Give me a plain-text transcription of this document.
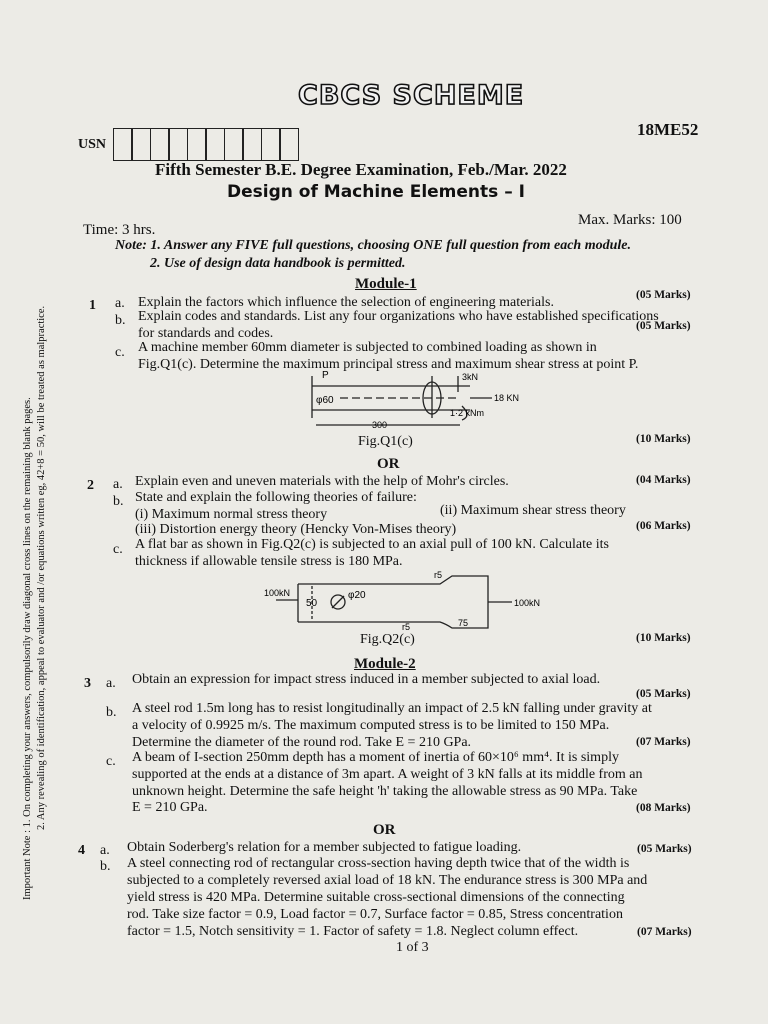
Important Note : 1. On completing your answers, compulsorily draw diagonal cross lines on the remaining blank pages. 2. Any revealing of identification, appeal to evaluator and /or equations written eg, 42+8 = 50, will be treated as malpractice.
CBCS SCHEME
USN
18ME52
Fifth Semester B.E. Degree Examination, Feb./Mar. 2022
Design of Machine Elements – I
Time: 3 hrs.
Max. Marks: 100
Note: 1. Answer any FIVE full questions, choosing ONE full question from each module.
2. Use of design data handbook is permitted.
Module-1
1 a. Explain the factors which influence the selection of engineering materials.	(05 Marks)
b. Explain codes and standards. List any four organizations who have established specifications
for standards and codes.	(05 Marks)
c. A machine member 60mm diameter is subjected to combined loading as shown in
Fig.Q1(c). Determine the maximum principal stress and maximum shear stress at point P.
P
φ60
3kN
18 KN
1·2 kNm
300
Fig.Q1(c)	(10 Marks)
OR
2 a. Explain even and uneven materials with the help of Mohr's circles.	(04 Marks)
b. State and explain the following theories of failure:
(i) Maximum normal stress theory	(ii) Maximum shear stress theory
(iii) Distortion energy theory (Hencky Von-Mises theory)	(06 Marks)
c. A flat bar as shown in Fig.Q2(c) is subjected to an axial pull of 100 kN. Calculate its
thickness if allowable tensile stress is 180 MPa.
100kN
100kN
50
φ20
r5
r5	75
Fig.Q2(c)	(10 Marks)
Module-2
3 a. Obtain an expression for impact stress induced in a member subjected to axial load.
(05 Marks)
b. A steel rod 1.5m long has to resist longitudinally an impact of 2.5 kN falling under gravity at
a velocity of 0.9925 m/s. The maximum computed stress is to be limited to 150 MPa.
Determine the diameter of the round rod. Take E = 210 GPa.	(07 Marks)
c. A beam of I-section 250mm depth has a moment of inertia of 60×10⁶ mm⁴. It is simply
supported at the ends at a distance of 3m apart. A weight of 3 kN falls at its middle from an
unknown height. Determine the safe height 'h' taking the allowable stress as 90 MPa. Take
E = 210 GPa.	(08 Marks)
OR
4 a. Obtain Soderberg's relation for a member subjected to fatigue loading.	(05 Marks)
b. A steel connecting rod of rectangular cross-section having depth twice that of the width is
subjected to a completely reversed axial load of 18 kN. The endurance stress is 300 MPa and
yield stress is 420 MPa. Determine suitable cross-sectional dimensions of the connecting
rod. Take size factor = 0.9, Load factor = 0.7, Surface factor = 0.85, Stress concentration
factor = 1.5, Notch sensitivity = 1. Factor of safety = 1.8. Neglect column effect.	(07 Marks)
1 of 3
